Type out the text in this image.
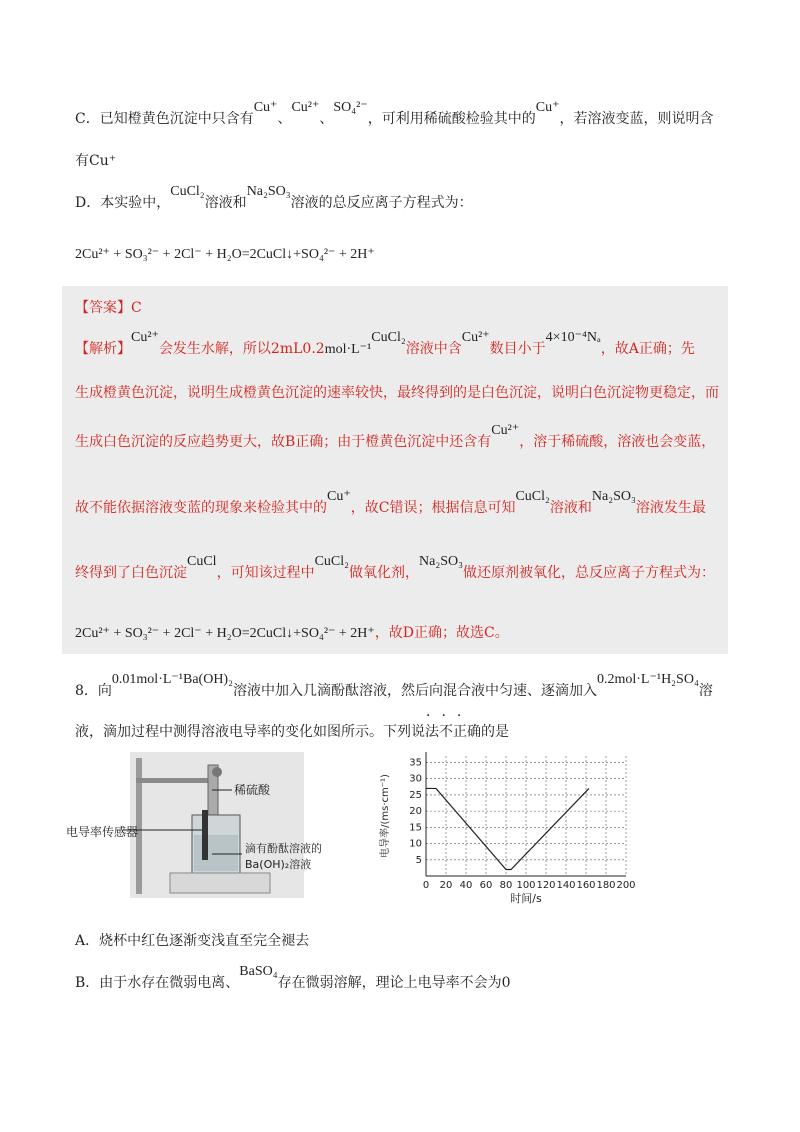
C．已知橙黄色沉淀中只含有Cu⁺、Cu²⁺、SO₄²⁻，可利用稀硫酸检验其中的Cu⁺，若溶液变蓝，则说明含
有Cu⁺
D．本实验中，CuCl₂溶液和Na₂SO₃溶液的总反应离子方程式为：
2Cu²⁺ + SO₃²⁻ + 2Cl⁻ + H₂O=2CuCl↓+SO₄²⁻ + 2H⁺
【答案】C
【解析】Cu²⁺会发生水解，所以2mL0.2mol·L⁻¹CuCl₂溶液中含Cu²⁺数目小于4×10⁻⁴Nₐ，故A正确；先
生成橙黄色沉淀，说明生成橙黄色沉淀的速率较快，最终得到的是白色沉淀，说明白色沉淀物更稳定，而
生成白色沉淀的反应趋势更大，故B正确；由于橙黄色沉淀中还含有Cu²⁺，溶于稀硫酸，溶液也会变蓝，
故不能依据溶液变蓝的现象来检验其中的Cu⁺，故C错误；根据信息可知CuCl₂溶液和Na₂SO₃溶液发生最
终得到了白色沉淀CuCl，可知该过程中CuCl₂做氧化剂，Na₂SO₃做还原剂被氧化，总反应离子方程式为：
2Cu²⁺ + SO₃²⁻ + 2Cl⁻ + H₂O=2CuCl↓+SO₄²⁻ + 2H⁺，故D正确；故选C。
8．向0.01mol·L⁻¹Ba(OH)₂溶液中加入几滴酚酞溶液，然后向混合液中匀速、逐滴加入0.2mol·L⁻¹H₂SO₄溶
液，滴加过程中测得溶液电导率的变化如图所示。下列说法不正确的是
···
稀硫酸
电导率传感器
滴有酚酞溶液的
Ba(OH)₂溶液
0 20 40 60 80 100 120 140 160 180 200
5
10
15
20
25
30
35
时间/s
电导率/(ms·cm⁻¹)
A．烧杯中红色逐渐变浅直至完全褪去
B．由于水存在微弱电离、BaSO₄存在微弱溶解，理论上电导率不会为0
